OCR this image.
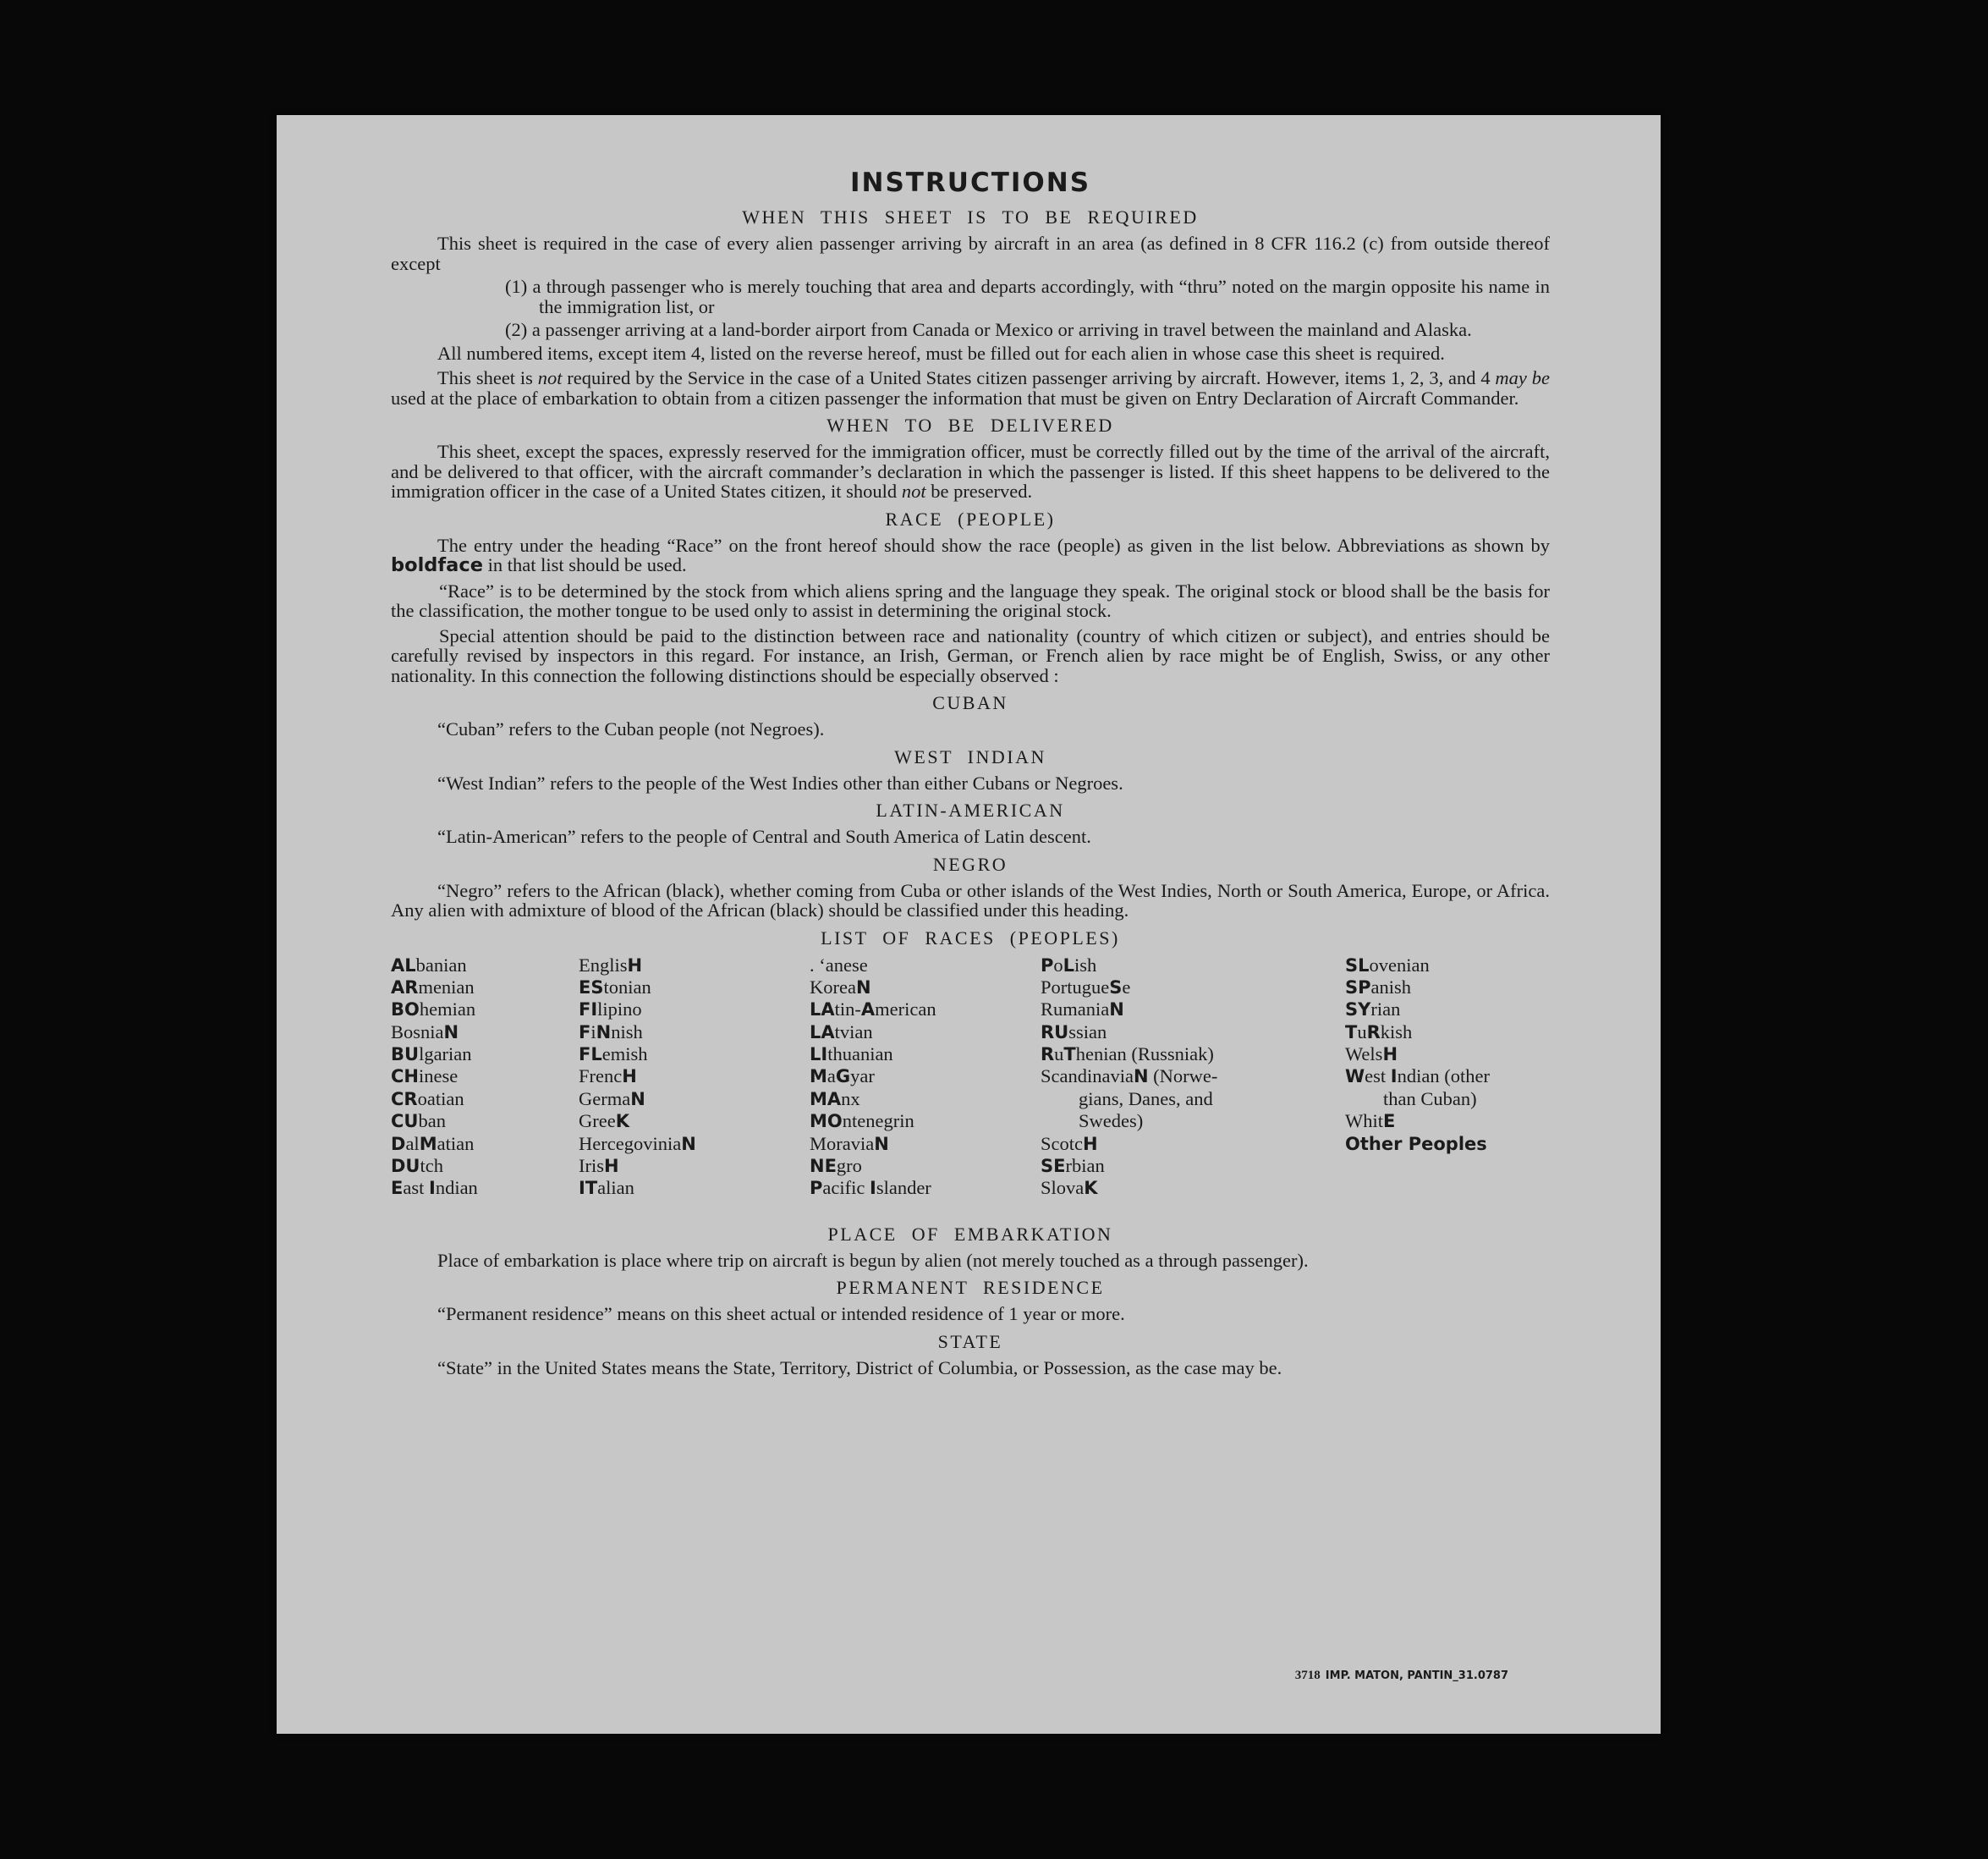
INSTRUCTIONS
WHEN THIS SHEET IS TO BE REQUIRED

This sheet is required in the case of every alien passenger arriving by aircraft in an area (as defined in 8 CFR 116.2 (c) from outside thereof except

(1) a through passenger who is merely touching that area and departs accordingly, with “thru” noted on the margin opposite his name in the immigration list, or
(2) a passenger arriving at a land-border airport from Canada or Mexico or arriving in travel between the mainland and Alaska.

All numbered items, except item 4, listed on the reverse hereof, must be filled out for each alien in whose case this sheet is required.

This sheet is not required by the Service in the case of a United States citizen passenger arriving by aircraft. However, items 1, 2, 3, and 4 may be used at the place of embarkation to obtain from a citizen passenger the information that must be given on Entry Declaration of Aircraft Commander.

WHEN TO BE DELIVERED

This sheet, except the spaces, expressly reserved for the immigration officer, must be correctly filled out by the time of the arrival of the aircraft, and be delivered to that officer, with the aircraft commander’s declaration in which the passenger is listed. If this sheet happens to be delivered to the immigration officer in the case of a United States citizen, it should not be preserved.

RACE (PEOPLE)

The entry under the heading “Race” on the front hereof should show the race (people) as given in the list below. Abbreviations as shown by boldface in that list should be used.

“Race” is to be determined by the stock from which aliens spring and the language they speak. The original stock or blood shall be the basis for the classification, the mother tongue to be used only to assist in determining the original stock.

Special attention should be paid to the distinction between race and nationality (country of which citizen or subject), and entries should be carefully revised by inspectors in this regard. For instance, an Irish, German, or French alien by race might be of English, Swiss, or any other nationality. In this connection the following distinctions should be especially observed :

CUBAN

“Cuban” refers to the Cuban people (not Negroes).

WEST INDIAN

“West Indian” refers to the people of the West Indies other than either Cubans or Negroes.

LATIN-AMERICAN

“Latin-American” refers to the people of Central and South America of Latin descent.

NEGRO

“Negro” refers to the African (black), whether coming from Cuba or other islands of the West Indies, North or South America, Europe, or Africa. Any alien with admixture of blood of the African (black) should be classified under this heading.

LIST OF RACES (PEOPLES)
ALbanian
ARmenian
BOhemian
BosniaN
BUlgarian
CHinese
CRoatian
CUban
DalMatian
DUtch
East Indian
EnglisH
EStonian
FIlipino
FiNnish
FLemish
FrencH
GermaN
GreeK
HercegoviniaN
IrisH
ITalian
. ‘anese
KoreaN
LAtin-American
LAtvian
LIthuanian
MaGyar
MAnx
MOntenegrin
MoraviaN
NEgro
Pacific Islander
PoLish
PortugueSe
RumaniaN
RUssian
RuThenian (Russniak)
ScandinaviaN (Norwe-
gians, Danes, and
Swedes)
ScotcH
SErbian
SlovaK
SLovenian
SPanish
SYrian
TuRkish
WelsH
West Indian (other
than Cuban)
WhitE
Other Peoples
PLACE OF EMBARKATION

Place of embarkation is place where trip on aircraft is begun by alien (not merely touched as a through passenger).

PERMANENT RESIDENCE

“Permanent residence” means on this sheet actual or intended residence of 1 year or more.

STATE

“State” in the United States means the State, Territory, District of Columbia, or Possession, as the case may be.

3718 IMP. MATON, PANTIN_31.0787
